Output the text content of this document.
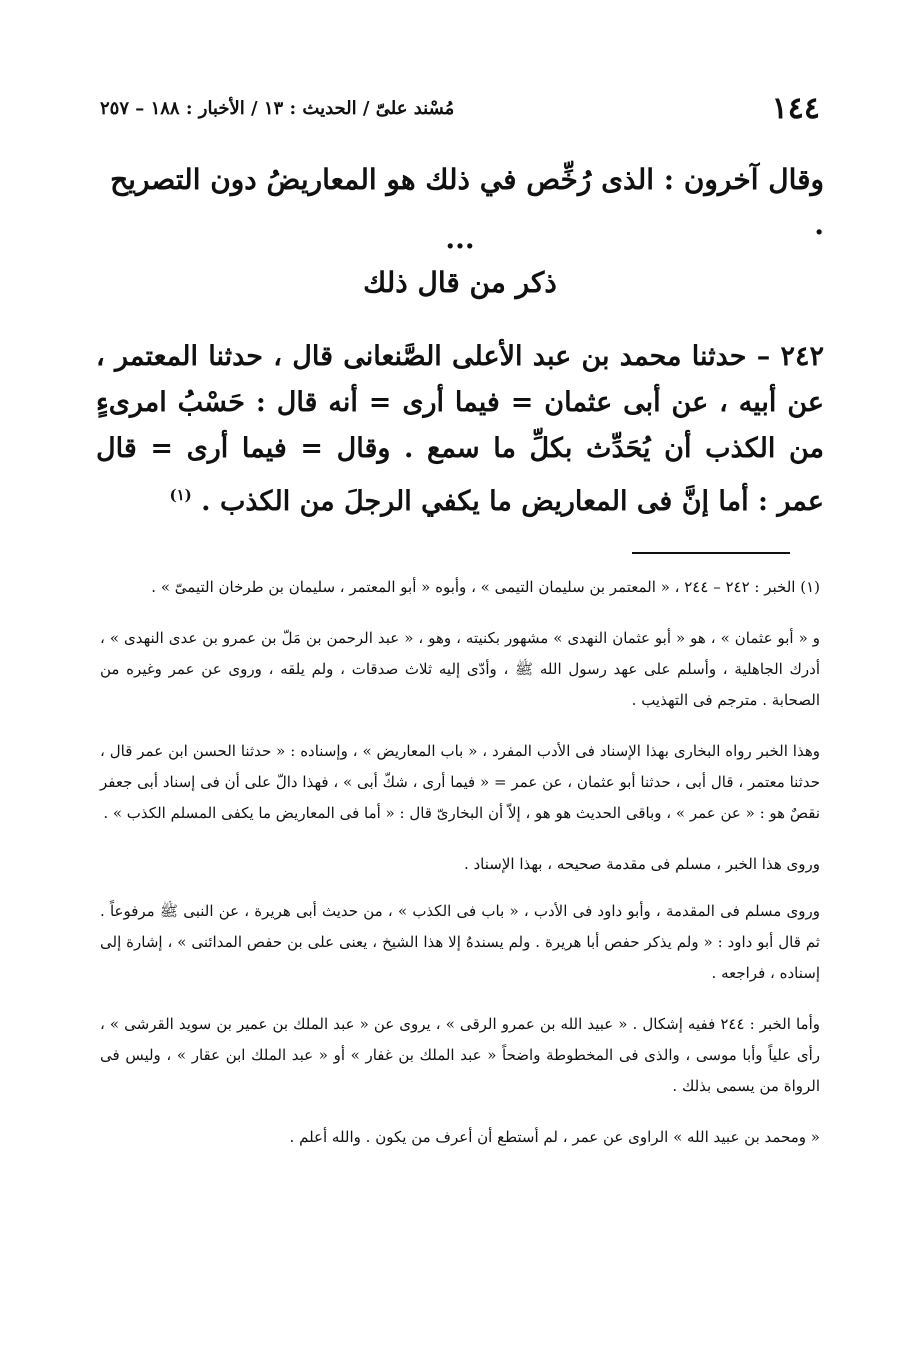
١٤٤
مُسْند علىّ / الحديث : ١٣ / الأخبار : ١٨٨ – ٢٥٧
وقال آخرون : الذى رُخِّص في ذلك هو المعاريضُ دون التصريح .
...
ذكر من قال ذلك
٢٤٢ – حدثنا محمد بن عبد الأعلى الصَّنعانى قال ، حدثنا المعتمر ، عن أبيه ، عن أبى عثمان = فيما أرى = أنه قال : حَسْبُ امرىءٍ من الكذب أن يُحَدِّث بكلِّ ما سمع . وقال = فيما أرى = قال عمر : أما إنَّ فى المعاريض ما يكفي الرجلَ من الكذب . $^{(١)}$

(١) الخبر : ٢٤٢ – ٢٤٤ ، « المعتمر بن سليمان التيمى » ، وأبوه « أبو المعتمر ، سليمان بن طرخان التيمىّ » .

و « أبو عثمان » ، هو « أبو عثمان النهدى » مشهور بكنيته ، وهو ، « عبد الرحمن بن مَلّ بن عمرو بن عدى النهدى » ، أدرك الجاهلية ، وأسلم على عهد رسول الله ﷺ ، وأدّى إليه ثلاث صدقات ، ولم يلقه ، وروى عن عمر وغيره من الصحابة . مترجم فى التهذيب .

وهذا الخبر رواه البخارى بهذا الإسناد فى الأدب المفرد ، « باب المعاريض » ، وإسناده : « حدثنا الحسن ابن عمر قال ، حدثنا معتمر ، قال أبى ، حدثنا أبو عثمان ، عن عمر = « فيما أرى ، شكّ أبى » ، فهذا دالّ على أن فى إسناد أبى جعفر نقصٌ هو : « عن عمر » ، وباقى الحديث هو هو ، إلاّ أن البخارىّ قال : « أما فى المعاريض ما يكفى المسلم الكذب » .

وروى هذا الخبر ، مسلم فى مقدمة صحيحه ، بهذا الإسناد .

وروى مسلم فى المقدمة ، وأبو داود فى الأدب ، « باب فى الكذب » ، من حديث أبى هريرة ، عن النبى ﷺ مرفوعاً . ثم قال أبو داود : « ولم يذكر حفص أبا هريرة . ولم يسندهُ إلا هذا الشيخ ، يعنى على بن حفص المدائنى » ، إشارة إلى إسناده ، فراجعه .

وأما الخبر : ٢٤٤ ففيه إشكال . « عبيد الله بن عمرو الرقى » ، يروى عن « عبد الملك بن عمير بن سويد القرشى » ، رأى علياً وأبا موسى ، والذى فى المخطوطة واضحاً « عبد الملك بن غفار » أو « عبد الملك ابن عقار » ، وليس فى الرواة من يسمى بذلك .

« ومحمد بن عبيد الله » الراوى عن عمر ، لم أستطع أن أعرف من يكون . والله أعلم .
